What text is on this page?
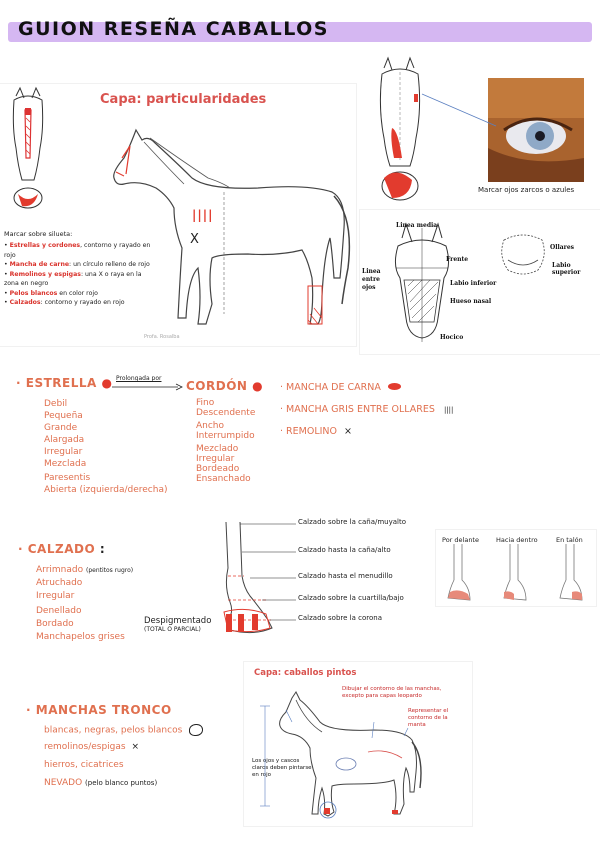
GUION RESEÑA CABALLOS
Capa: particularidades
||||
X
Marcar sobre silueta:
• Estrellas y cordones, contorno y rayado en rojo
• Mancha de carne: un círculo relleno de rojo
• Remolinos y espigas: una X o raya en la zona en negro
• Pelos blancos en color rojo
• Calzados: contorno y rayado en rojo
Profa. Rosalba
Marcar ojos zarcos o azules
Linea media
Frente
Linea entre ojos
Labio inferior
Hueso nasal
Hocico
Ollares
Labio superior
· ESTRELLA ● Prolongada por
Debil
Pequeña
Grande
Alargada
Irregular
Mezclada
Paresentis
Abierta (izquierda/derecha)
CORDÓN ●
Fino
Descendente
Ancho
Interrumpido
Mezclado
Irregular
Bordeado
Ensanchado
· MANCHA DE CARNA
· MANCHA GRIS ENTRE OLLARES ||||
· REMOLINO ×
· CALZADO :
Arrimnado (pentitos rugro)
Atruchado
Irregular
Denellado
Bordado
Manchapelos grises
Despigmentado
(TOTAL O PARCIAL)
Calzado sobre la caña/muyalto
Calzado hasta la caña/alto
Calzado hasta el menudillo
Calzado sobre la cuartilla/bajo
Calzado sobre la corona
Por delante	Hacia dentro	En talón
· MANCHAS TRONCO
blancas, negras, pelos blancos
remolinos/espigas ×
hierros, cicatrices
NEVADO (pelo blanco puntos)
Capa: caballos pintos
Dibujar el contorno de las manchas, excepto para capas leopardo
Representar el contorno de la manta
Los ojos y cascos claros deben pintarse en rojo
